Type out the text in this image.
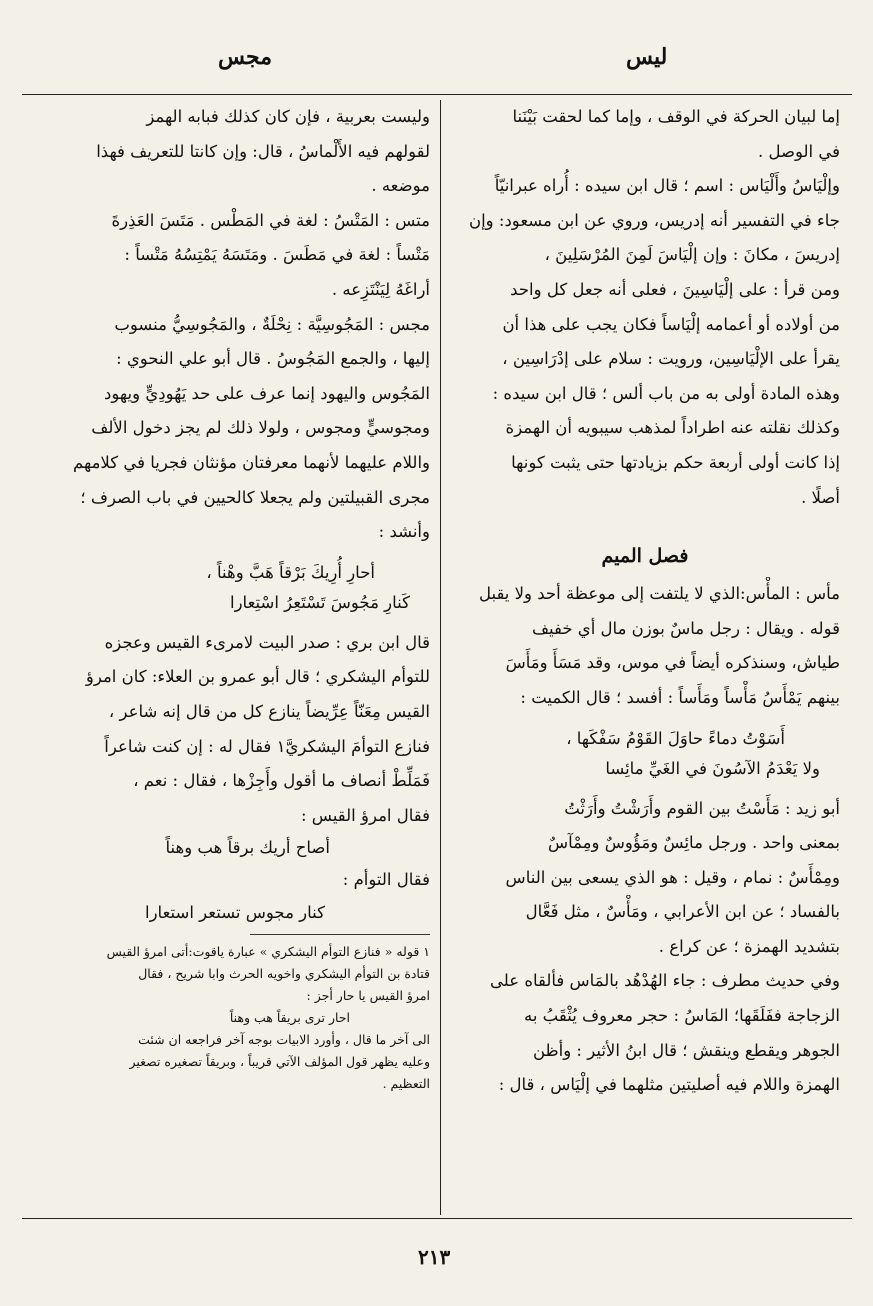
ليس
مجس
إما لبيان الحركة في الوقف ، وإما كما لحقت بَيْنَنا
في الوصل .
وإلْيَاسُ وأَلْيَاس : اسم ؛ قال ابن سيده : أُراه عبرانيّاً
جاء في التفسير أنه إدريس، وروي عن ابن مسعود: وإن
إدريسَ ، مكانَ : وإن إلْيَاسَ لَمِنَ المُرْسَلِينَ ،
ومن قرأ : على إلْيَاسِينَ ، فعلى أنه جعل كل واحد
من أولاده أو أعمامه إلْيَاساً فكان يجب على هذا أن
يقرأ على الإلْيَاسِين، ورويت : سلام على إدْرَاسِين ،
وهذه المادة أولى به من باب ألس ؛ قال ابن سيده :
وكذلك نقلته عنه اطراداً لمذهب سيبويه أن الهمزة
إذا كانت أولى أربعة حكم بزيادتها حتى يثبت كونها
أصلًا .
فصل الميم
مأس : المأْس:الذي لا يلتفت إلى موعظة أحد ولا يقبل
قوله . ويقال : رجل ماسٌ بوزن مال أي خفيف
طياش، وسنذكره أيضاً في موس، وقد مَسَأَ ومَأَسَ
بينهم يَمْأَسُ مَأْساً ومَأَساً : أفسد ؛ قال الكميت :
أَسَوْتُ دماءً حاوَلَ القَوْمُ سَفْكَها ،
ولا يَعْدَمُ الآسُونَ في الغَيِّ مائِسا
أبو زيد : مَأَسْتُ بين القوم وأَرَشْتُ وأَرَثْتُ
بمعنى واحد . ورجل مائِسٌ ومَؤُوسٌ ومِمْآسٌ
ومِمْأَسٌ : نمام ، وقيل : هو الذي يسعى بين الناس
بالفساد ؛ عن ابن الأعرابي ، ومَأْسٌ ، مثل فَعَّال
بتشديد الهمزة ؛ عن كراع .
وفي حديث مطرف : جاء الهُدْهُد بالمَاس فألقاه على
الزجاجة ففَلَقَها؛ المَاسُ : حجر معروف يُثْقَبُ به
الجوهر ويقطع وينقش ؛ قال ابنُ الأثير : وأظن
الهمزة واللام فيه أصليتين مثلهما في إلْيَاس ، قال :
وليست بعربية ، فإن كان كذلك فبابه الهمز
لقولهم فيه الأَلْماسُ ، قال: وإن كانتا للتعريف فهذا
موضعه .
متس : المَتْسُ : لغة في المَطْس . مَتَسَ العَذِرةَ
مَتْساً : لغة في مَطَسَ . ومَتَسَهُ يَمْتِسُهُ مَتْساً :
أراغَهُ لِيَنْتَزِعه .
مجس : المَجُوسِيَّة : نِحْلَةٌ ، والمَجُوسِيُّ منسوب
إليها ، والجمع المَجُوسُ . قال أبو علي النحوي :
المَجُوس واليهود إنما عرف على حد يَهُودِيٍّ ويهود
ومجوسيٍّ ومجوس ، ولولا ذلك لم يجز دخول الألف
واللام عليهما لأنهما معرفتان مؤنثان فجريا في كلامهم
مجرى القبيلتين ولم يجعلا كالحيين في باب الصرف ؛
وأنشد :
أحارِ أُرِيكَ بَرْقاً هَبَّ وهْناً ،
كَنارِ مَجُوسَ تَسْتَعِرُ اسْتِعارا
قال ابن بري : صدر البيت لامرىء القيس وعجزه
للتوأم اليشكري ؛ قال أبو عمرو بن العلاء: كان امرؤ
القيس مِعَنّاً عِرِّيضاً ينازع كل من قال إنه شاعر ،
فنازع التوأمَ اليشكريَّ١ فقال له : إن كنت شاعراً
فَمَلِّطْ أنصاف ما أقول وأَجِزْها ، فقال : نعم ،
فقال امرؤ القيس :
أصاح أريك برقاً هب وهناً
فقال التوأم :
كنار مجوس تستعر استعارا
١ قوله « فنازع التوأم اليشكري » عبارة ياقوت:أتى امرؤ القيس
قتادة بن التوأم اليشكري واخويه الحرث وابا شريح ، فقال
امرؤ القيس يا حار أجز :
احار ترى بريقاً هب وهناً
الى آخر ما قال ، وأورد الابيات بوجه آخر فراجعه ان شئت
وعليه يظهر قول المؤلف الآتي قريباً ، وبريقاً تصغيره تصغير
التعظيم .
٢١٣
